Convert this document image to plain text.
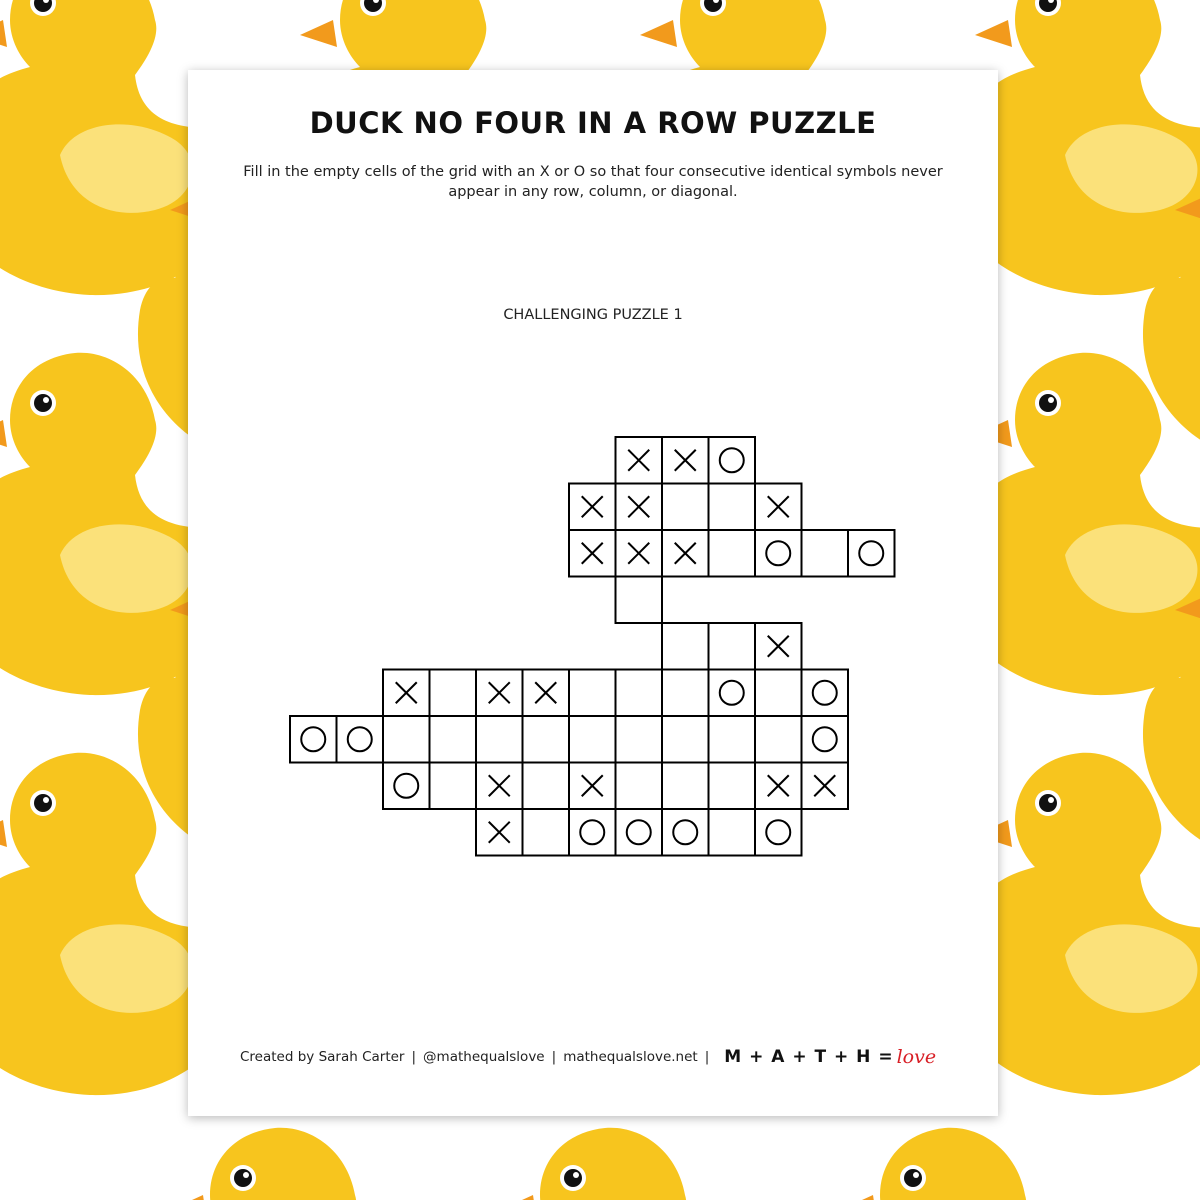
DUCK NO FOUR IN A ROW PUZZLE
Fill in the empty cells of the grid with an X or O so that four consecutive identical symbols never appear in any row, column, or diagonal.
CHALLENGING PUZZLE 1
Created by Sarah Carter | @mathequalslove | mathequalslove.net | M + A + T + H = love
